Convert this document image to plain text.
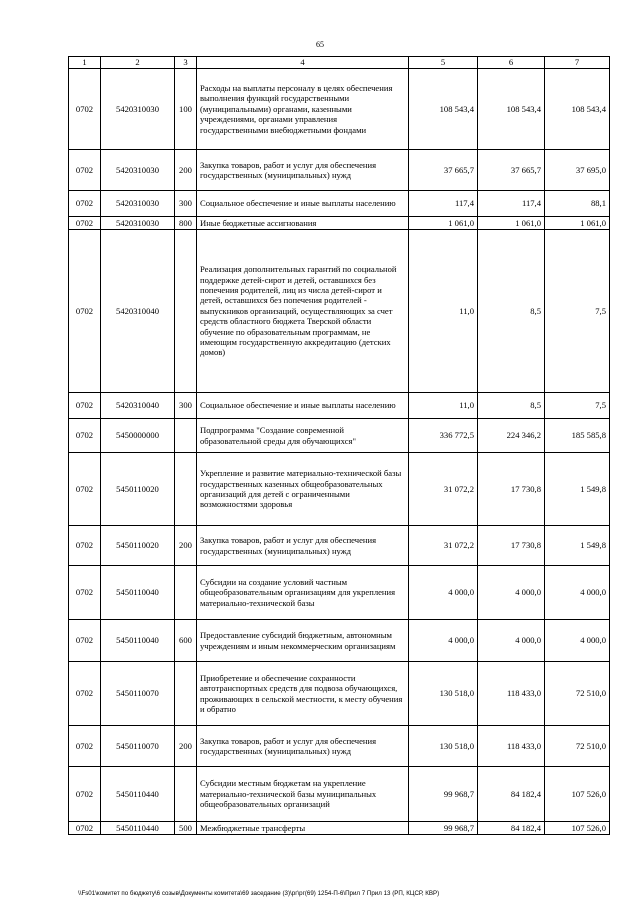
65
1	2	3	4	5	6	7
0702	5420310030	100	Расходы на выплаты персоналу в целях обеспечения выполнения функций государственными (муниципальными) органами, казенными учреждениями, органами управления государственными внебюджетными фондами	108 543,4	108 543,4	108 543,4
0702	5420310030	200	Закупка товаров, работ и услуг для обеспечения государственных (муниципальных) нужд	37 665,7	37 665,7	37 695,0
0702	5420310030	300	Социальное обеспечение и иные выплаты населению	117,4	117,4	88,1
0702	5420310030	800	Иные бюджетные ассигнования	1 061,0	1 061,0	1 061,0
0702	5420310040		Реализация дополнительных гарантий по социальной поддержке детей-сирот и детей, оставшихся без попечения родителей, лиц из числа детей-сирот и детей, оставшихся без попечения родителей - выпускников организаций, осуществляющих за счет средств областного бюджета Тверской области обучение по образовательным программам, не имеющим государственную аккредитацию (детских домов)	11,0	8,5	7,5
0702	5420310040	300	Социальное обеспечение и иные выплаты населению	11,0	8,5	7,5
0702	5450000000		Подпрограмма "Создание современной образовательной среды для обучающихся"	336 772,5	224 346,2	185 585,8
0702	5450110020		Укрепление и развитие материально-технической базы государственных казенных общеобразовательных организаций для детей с ограниченными возможностями здоровья	31 072,2	17 730,8	1 549,8
0702	5450110020	200	Закупка товаров, работ и услуг для обеспечения государственных (муниципальных) нужд	31 072,2	17 730,8	1 549,8
0702	5450110040		Субсидии на создание условий частным общеобразовательным организациям для укрепления материально-технической базы	4 000,0	4 000,0	4 000,0
0702	5450110040	600	Предоставление субсидий бюджетным, автономным учреждениям и иным некоммерческим организациям	4 000,0	4 000,0	4 000,0
0702	5450110070		Приобретение и обеспечение сохранности автотранспортных средств для подвоза обучающихся, проживающих в сельской местности, к месту обучения и обратно	130 518,0	118 433,0	72 510,0
0702	5450110070	200	Закупка товаров, работ и услуг для обеспечения государственных (муниципальных) нужд	130 518,0	118 433,0	72 510,0
0702	5450110440		Субсидии местным бюджетам на укрепление материально-технической базы муниципальных общеобразовательных организаций	99 968,7	84 182,4	107 526,0
0702	5450110440	500	Межбюджетные трансферты	99 968,7	84 182,4	107 526,0
\\Fs01\комитет по бюджету\6 созыв\Документы комитета\69 заседание (3)\рг\рг(69) 1254-П-6\Прил 7 Прил 13 (РП, КЦСР, КВР)
